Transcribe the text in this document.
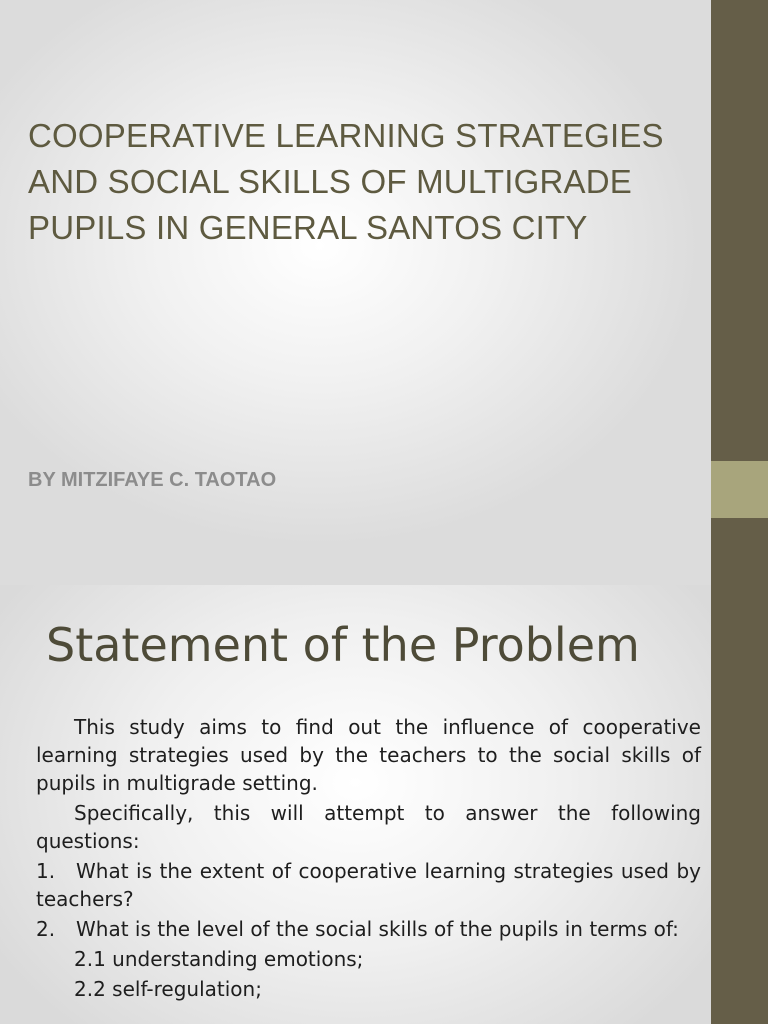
COOPERATIVE LEARNING STRATEGIES AND SOCIAL SKILLS OF MULTIGRADE PUPILS IN GENERAL SANTOS CITY

BY MITZIFAYE C. TAOTAO

Statement of the Problem

This study aims to find out the influence of cooperative learning strategies used by the teachers to the social skills of pupils in multigrade setting.

Specifically, this will attempt to answer the following questions:

1. What is the extent of cooperative learning strategies used by teachers?

2. What is the level of the social skills of the pupils in terms of:

2.1 understanding emotions;

2.2 self-regulation;
